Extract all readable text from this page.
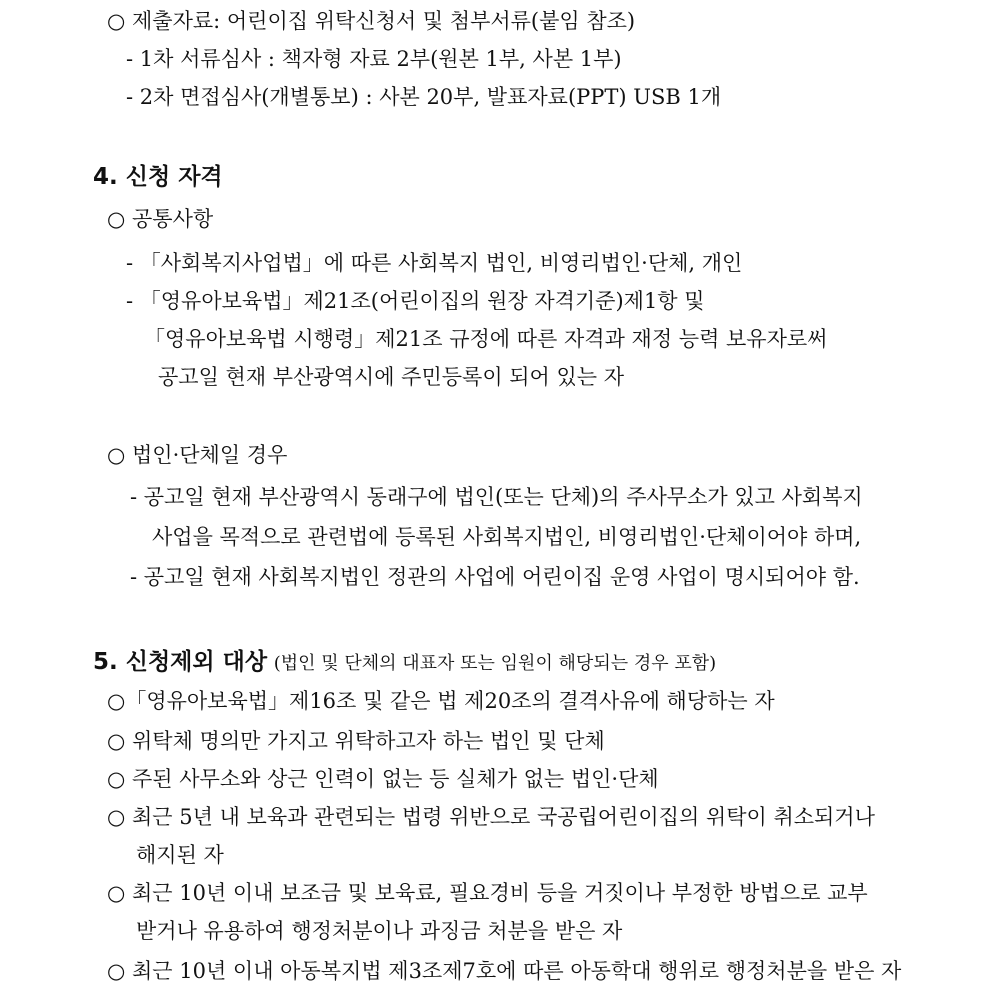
○ 제출자료: 어린이집 위탁신청서 및 첨부서류(붙임 참조)
- 1차 서류심사 : 책자형 자료 2부(원본 1부, 사본 1부)
- 2차 면접심사(개별통보) : 사본 20부, 발표자료(PPT) USB 1개
4. 신청 자격
○ 공통사항
- 「사회복지사업법」에 따른 사회복지 법인, 비영리법인·단체, 개인
- 「영유아보육법」제21조(어린이집의 원장 자격기준)제1항 및
「영유아보육법 시행령」제21조 규정에 따른 자격과 재정 능력 보유자로써
공고일 현재 부산광역시에 주민등록이 되어 있는 자
○ 법인·단체일 경우
- 공고일 현재 부산광역시 동래구에 법인(또는 단체)의 주사무소가 있고 사회복지
사업을 목적으로 관련법에 등록된 사회복지법인, 비영리법인·단체이어야 하며,
- 공고일 현재 사회복지법인 정관의 사업에 어린이집 운영 사업이 명시되어야 함.
5. 신청제외 대상 (법인 및 단체의 대표자 또는 임원이 해당되는 경우 포함)
○「영유아보육법」제16조 및 같은 법 제20조의 결격사유에 해당하는 자
○ 위탁체 명의만 가지고 위탁하고자 하는 법인 및 단체
○ 주된 사무소와 상근 인력이 없는 등 실체가 없는 법인·단체
○ 최근 5년 내 보육과 관련되는 법령 위반으로 국공립어린이집의 위탁이 취소되거나
해지된 자
○ 최근 10년 이내 보조금 및 보육료, 필요경비 등을 거짓이나 부정한 방법으로 교부
받거나 유용하여 행정처분이나 과징금 처분을 받은 자
○ 최근 10년 이내 아동복지법 제3조제7호에 따른 아동학대 행위로 행정처분을 받은 자
